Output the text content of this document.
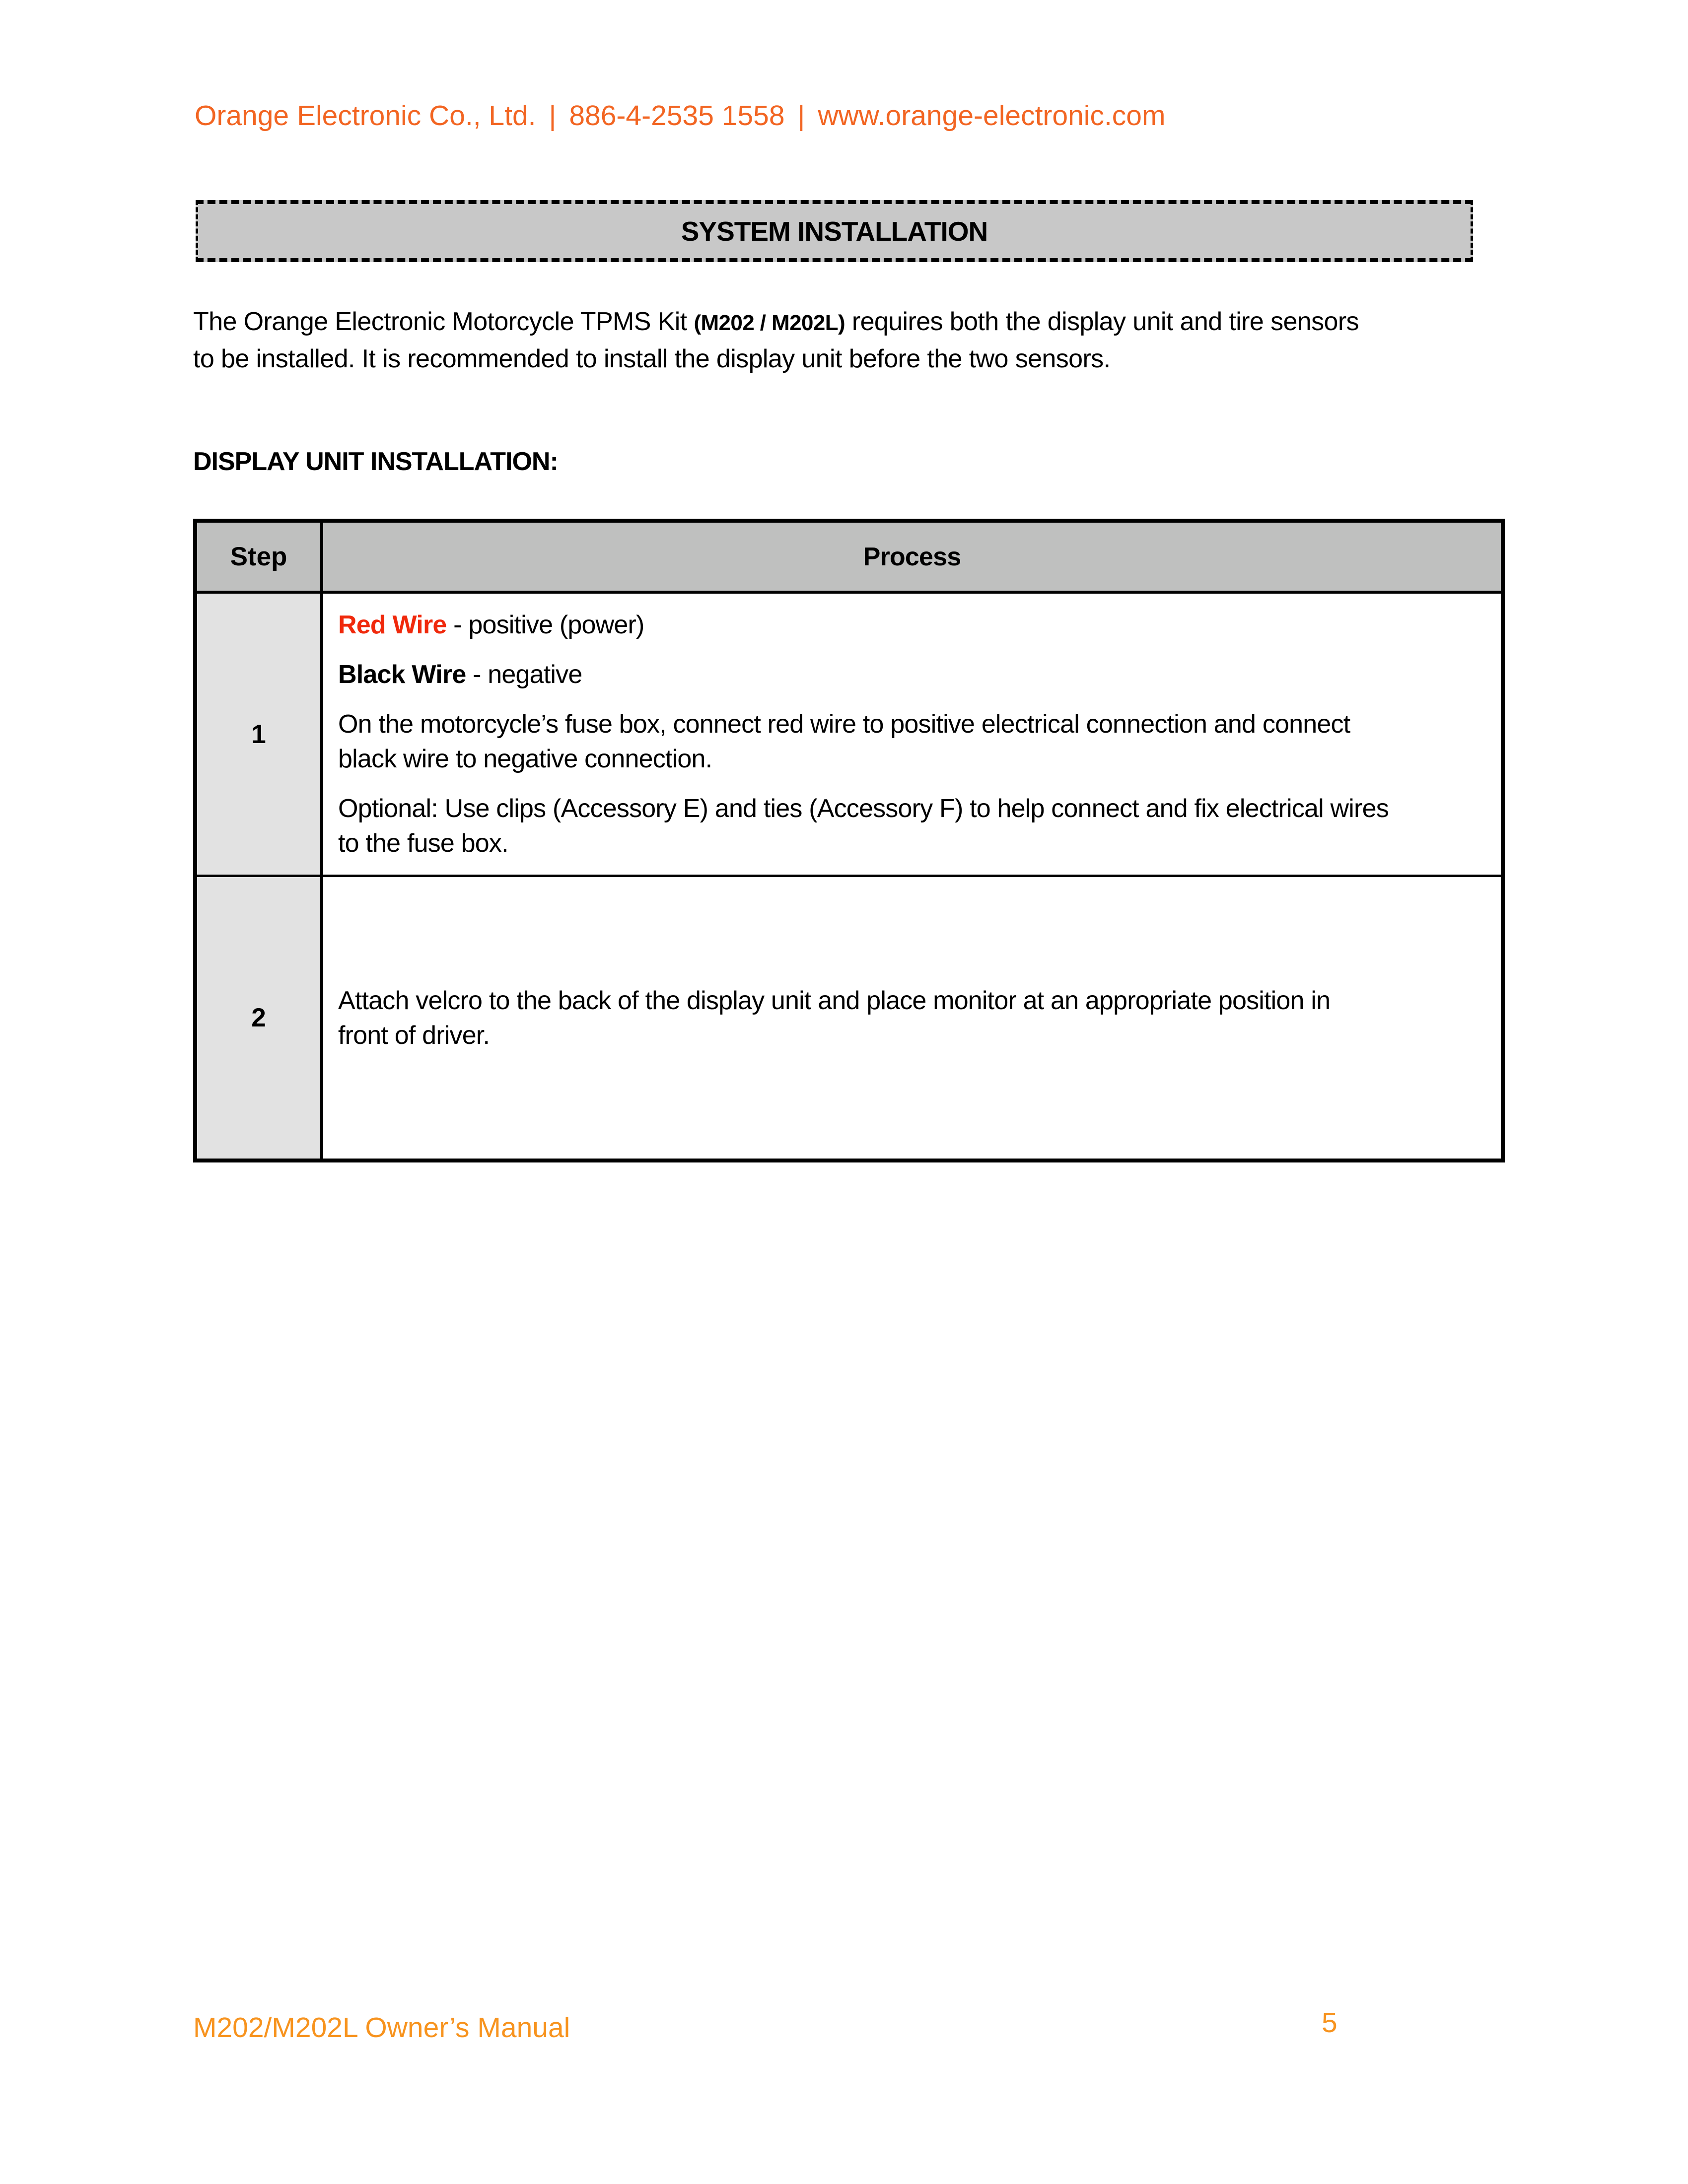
Orange Electronic Co., Ltd. | 886-4-2535 1558 | www.orange-electronic.com
SYSTEM INSTALLATION
The Orange Electronic Motorcycle TPMS Kit (M202 / M202L) requires both the display unit and tire sensors
to be installed. It is recommended to install the display unit before the two sensors.
DISPLAY UNIT INSTALLATION:
Step	Process
1
Red Wire - positive (power)
Black Wire - negative
On the motorcycle’s fuse box, connect red wire to positive electrical connection and connect
black wire to negative connection.
Optional: Use clips (Accessory E) and ties (Accessory F) to help connect and fix electrical wires
to the fuse box.
2
Attach velcro to the back of the display unit and place monitor at an appropriate position in
front of driver.
M202/M202L Owner’s Manual	5
